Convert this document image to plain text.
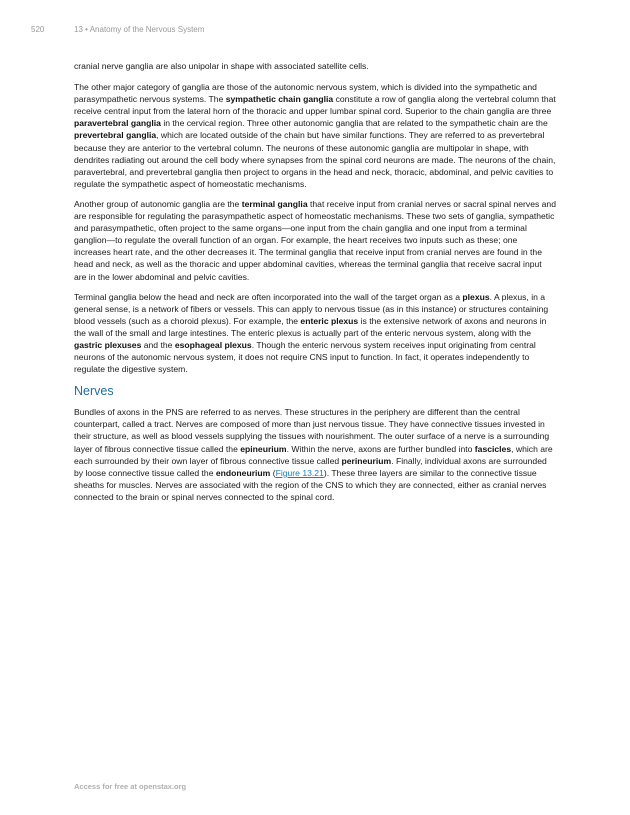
520	13 • Anatomy of the Nervous System

cranial nerve ganglia are also unipolar in shape with associated satellite cells.

The other major category of ganglia are those of the autonomic nervous system, which is divided into the sympathetic and parasympathetic nervous systems. The sympathetic chain ganglia constitute a row of ganglia along the vertebral column that receive central input from the lateral horn of the thoracic and upper lumbar spinal cord. Superior to the chain ganglia are three paravertebral ganglia in the cervical region. Three other autonomic ganglia that are related to the sympathetic chain are the prevertebral ganglia, which are located outside of the chain but have similar functions. They are referred to as prevertebral because they are anterior to the vertebral column. The neurons of these autonomic ganglia are multipolar in shape, with dendrites radiating out around the cell body where synapses from the spinal cord neurons are made. The neurons of the chain, paravertebral, and prevertebral ganglia then project to organs in the head and neck, thoracic, abdominal, and pelvic cavities to regulate the sympathetic aspect of homeostatic mechanisms.

Another group of autonomic ganglia are the terminal ganglia that receive input from cranial nerves or sacral spinal nerves and are responsible for regulating the parasympathetic aspect of homeostatic mechanisms. These two sets of ganglia, sympathetic and parasympathetic, often project to the same organs—one input from the chain ganglia and one input from a terminal ganglion—to regulate the overall function of an organ. For example, the heart receives two inputs such as these; one increases heart rate, and the other decreases it. The terminal ganglia that receive input from cranial nerves are found in the head and neck, as well as the thoracic and upper abdominal cavities, whereas the terminal ganglia that receive sacral input are in the lower abdominal and pelvic cavities.

Terminal ganglia below the head and neck are often incorporated into the wall of the target organ as a plexus. A plexus, in a general sense, is a network of fibers or vessels. This can apply to nervous tissue (as in this instance) or structures containing blood vessels (such as a choroid plexus). For example, the enteric plexus is the extensive network of axons and neurons in the wall of the small and large intestines. The enteric plexus is actually part of the enteric nervous system, along with the gastric plexuses and the esophageal plexus. Though the enteric nervous system receives input originating from central neurons of the autonomic nervous system, it does not require CNS input to function. In fact, it operates independently to regulate the digestive system.

Nerves

Bundles of axons in the PNS are referred to as nerves. These structures in the periphery are different than the central counterpart, called a tract. Nerves are composed of more than just nervous tissue. They have connective tissues invested in their structure, as well as blood vessels supplying the tissues with nourishment. The outer surface of a nerve is a surrounding layer of fibrous connective tissue called the epineurium. Within the nerve, axons are further bundled into fascicles, which are each surrounded by their own layer of fibrous connective tissue called perineurium. Finally, individual axons are surrounded by loose connective tissue called the endoneurium (Figure 13.21). These three layers are similar to the connective tissue sheaths for muscles. Nerves are associated with the region of the CNS to which they are connected, either as cranial nerves connected to the brain or spinal nerves connected to the spinal cord.

Access for free at openstax.org
